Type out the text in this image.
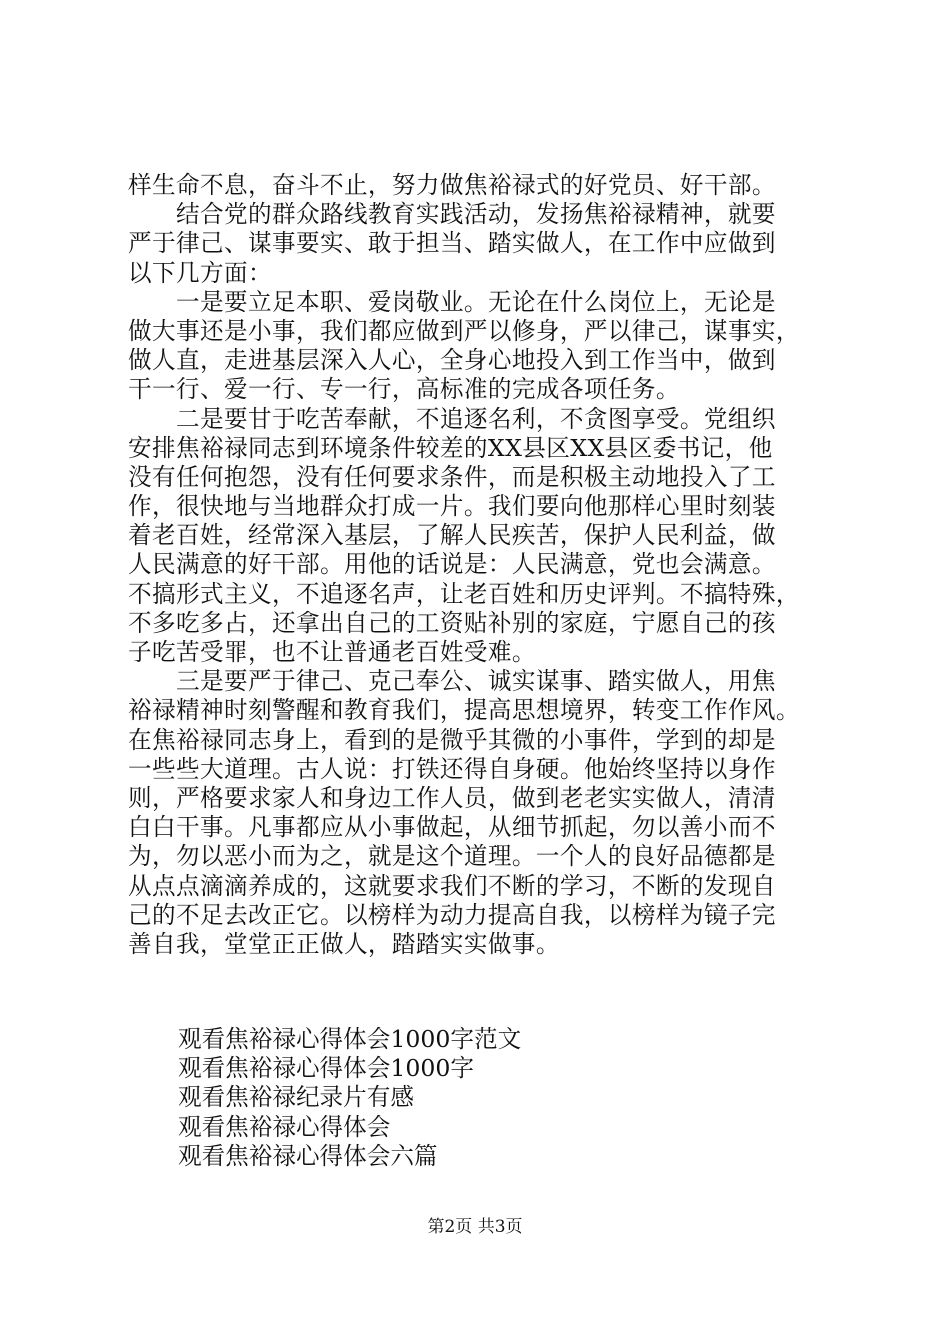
样生命不息，奋斗不止，努力做焦裕禄式的好党员、好干部。
　　结合党的群众路线教育实践活动，发扬焦裕禄精神，就要
严于律己、谋事要实、敢于担当、踏实做人，在工作中应做到
以下几方面：
　　一是要立足本职、爱岗敬业。无论在什么岗位上，无论是
做大事还是小事，我们都应做到严以修身，严以律己，谋事实，
做人直，走进基层深入人心，全身心地投入到工作当中，做到
干一行、爱一行、专一行，高标准的完成各项任务。
　　二是要甘于吃苦奉献，不追逐名利，不贪图享受。党组织
安排焦裕禄同志到环境条件较差的XX县区XX县区委书记，他
没有任何抱怨，没有任何要求条件，而是积极主动地投入了工
作，很快地与当地群众打成一片。我们要向他那样心里时刻装
着老百姓，经常深入基层，了解人民疾苦，保护人民利益，做
人民满意的好干部。用他的话说是：人民满意，党也会满意。
不搞形式主义，不追逐名声，让老百姓和历史评判。不搞特殊，
不多吃多占，还拿出自己的工资贴补别的家庭，宁愿自己的孩
子吃苦受罪，也不让普通老百姓受难。
　　三是要严于律己、克己奉公、诚实谋事、踏实做人，用焦
裕禄精神时刻警醒和教育我们，提高思想境界，转变工作作风。
在焦裕禄同志身上，看到的是微乎其微的小事件，学到的却是
一些些大道理。古人说：打铁还得自身硬。他始终坚持以身作
则，严格要求家人和身边工作人员，做到老老实实做人，清清
白白干事。凡事都应从小事做起，从细节抓起，勿以善小而不
为，勿以恶小而为之，就是这个道理。一个人的良好品德都是
从点点滴滴养成的，这就要求我们不断的学习，不断的发现自
己的不足去改正它。以榜样为动力提高自我，以榜样为镜子完
善自我，堂堂正正做人，踏踏实实做事。
观看焦裕禄心得体会1000字范文
观看焦裕禄心得体会1000字
观看焦裕禄纪录片有感
观看焦裕禄心得体会
观看焦裕禄心得体会六篇
第2页 共3页
